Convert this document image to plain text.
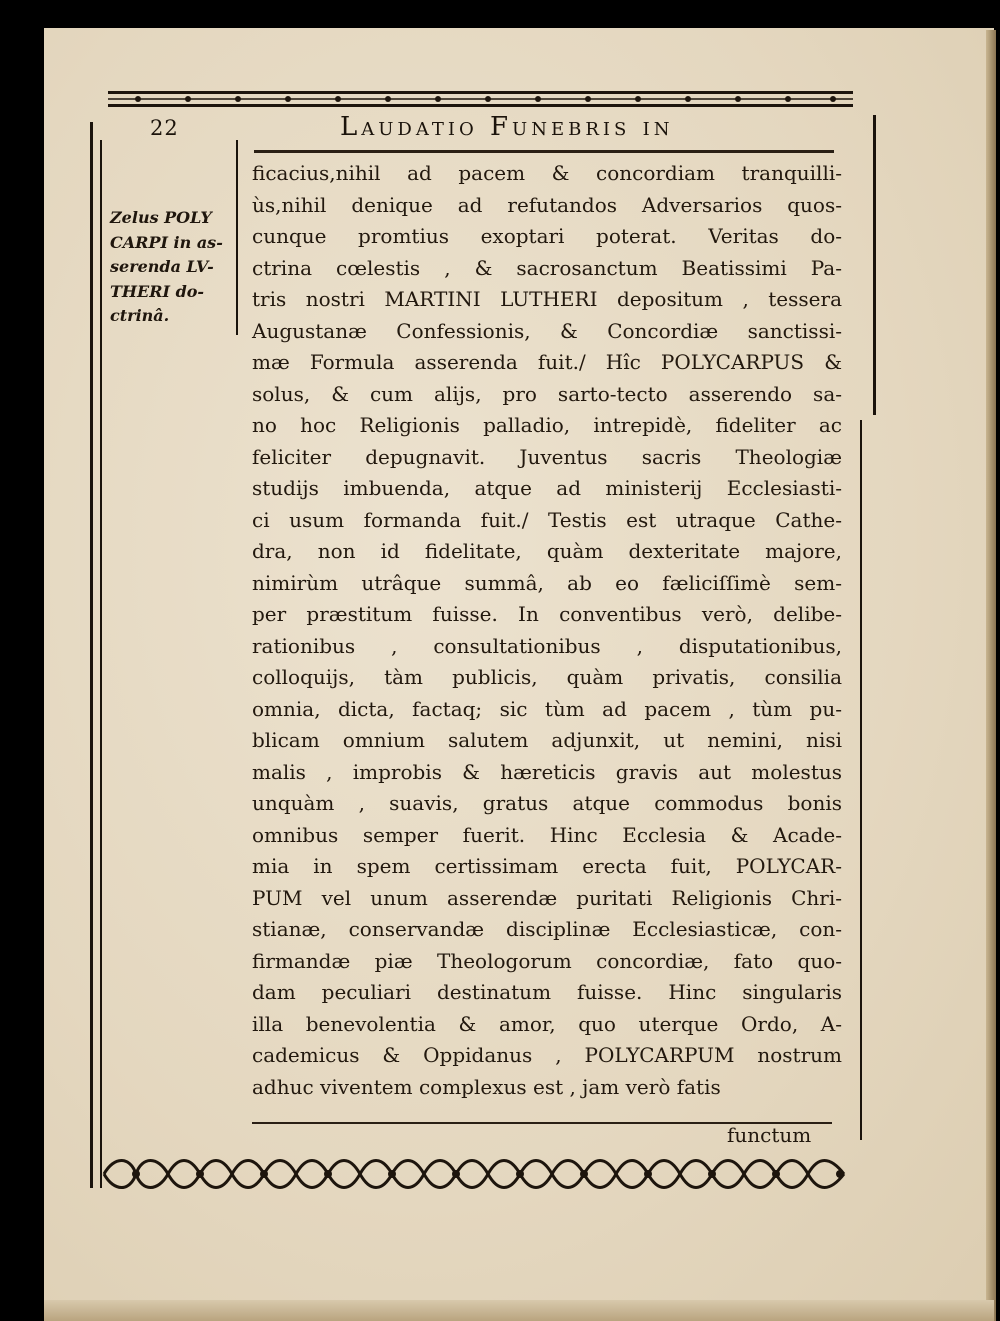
22	Laudatio Funebris in
Zelus POLY
CARPI in as-
serenda LV-
THERI do-
ctrinâ.
ficacius,nihil ad pacem & concordiam tranquilli-
ùs,nihil denique ad refutandos Adversarios quos-
cunque promtius exoptari poterat. Veritas do-
ctrina cœlestis , & sacrosanctum Beatissimi Pa-
tris nostri MARTINI LUTHERI depositum , tessera
Augustanæ Confessionis, & Concordiæ sanctissi-
mæ Formula asserenda fuit./ Hîc POLYCARPUS &
solus, & cum alijs, pro sarto-tecto asserendo sa-
no hoc Religionis palladio, intrepidè, fideliter ac
feliciter depugnavit. Juventus sacris Theologiæ
studijs imbuenda, atque ad ministerij Ecclesiasti-
ci usum formanda fuit./ Testis est utraque Cathe-
dra, non id fidelitate, quàm dexteritate majore,
nimirùm utrâque summâ, ab eo fæliciſſimè sem-
per præstitum fuisse. In conventibus verò, delibe-
rationibus , consultationibus , disputationibus,
colloquijs, tàm publicis, quàm privatis, consilia
omnia, dicta, factaq; sic tùm ad pacem , tùm pu-
blicam omnium salutem adjunxit, ut nemini, nisi
malis , improbis & hæreticis gravis aut molestus
unquàm , suavis, gratus atque commodus bonis
omnibus semper fuerit. Hinc Ecclesia & Acade-
mia in spem certissimam erecta fuit, POLYCAR-
PUM vel unum asserendæ puritati Religionis Chri-
stianæ, conservandæ disciplinæ Ecclesiasticæ, con-
firmandæ piæ Theologorum concordiæ, fato quo-
dam peculiari destinatum fuisse. Hinc singularis
illa benevolentia & amor, quo uterque Ordo, A-
cademicus & Oppidanus , POLYCARPUM nostrum
adhuc viventem complexus est , jam verò fatis
functum
